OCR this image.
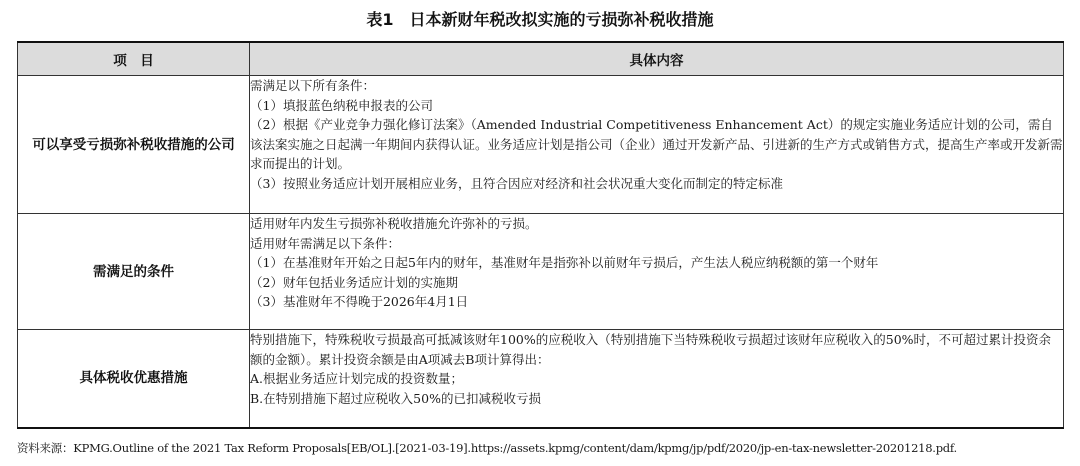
表1　日本新财年税改拟实施的亏损弥补税收措施
项　目	具体内容
可以享受亏损弥补税收措施的公司	需满足以下所有条件：
（1）填报蓝色纳税申报表的公司
（2）根据《产业竞争力强化修订法案》（Amended Industrial Competitiveness Enhancement Act）的规定实施业务适应计划的公司，需自该法案实施之日起满一年期间内获得认证。业务适应计划是指公司（企业）通过开发新产品、引进新的生产方式或销售方式，提高生产率或开发新需求而提出的计划。
（3）按照业务适应计划开展相应业务，且符合因应对经济和社会状况重大变化而制定的特定标准

需满足的条件	适用财年内发生亏损弥补税收措施允许弥补的亏损。
适用财年需满足以下条件：
（1）在基准财年开始之日起5年内的财年，基准财年是指弥补以前财年亏损后，产生法人税应纳税额的第一个财年
（2）财年包括业务适应计划的实施期
（3）基准财年不得晚于2026年4月1日

具体税收优惠措施	特别措施下，特殊税收亏损最高可抵减该财年100%的应税收入（特别措施下当特殊税收亏损超过该财年应税收入的50%时，不可超过累计投资余额的金额）。累计投资余额是由A项减去B项计算得出：
A.根据业务适应计划完成的投资数量；
B.在特别措施下超过应税收入50%的已扣减税收亏损
资料来源：KPMG.Outline of the 2021 Tax Reform Proposals[EB/OL].[2021-03-19].https://assets.kpmg/content/dam/kpmg/jp/pdf/2020/jp-en-tax-newsletter-20201218.pdf.
